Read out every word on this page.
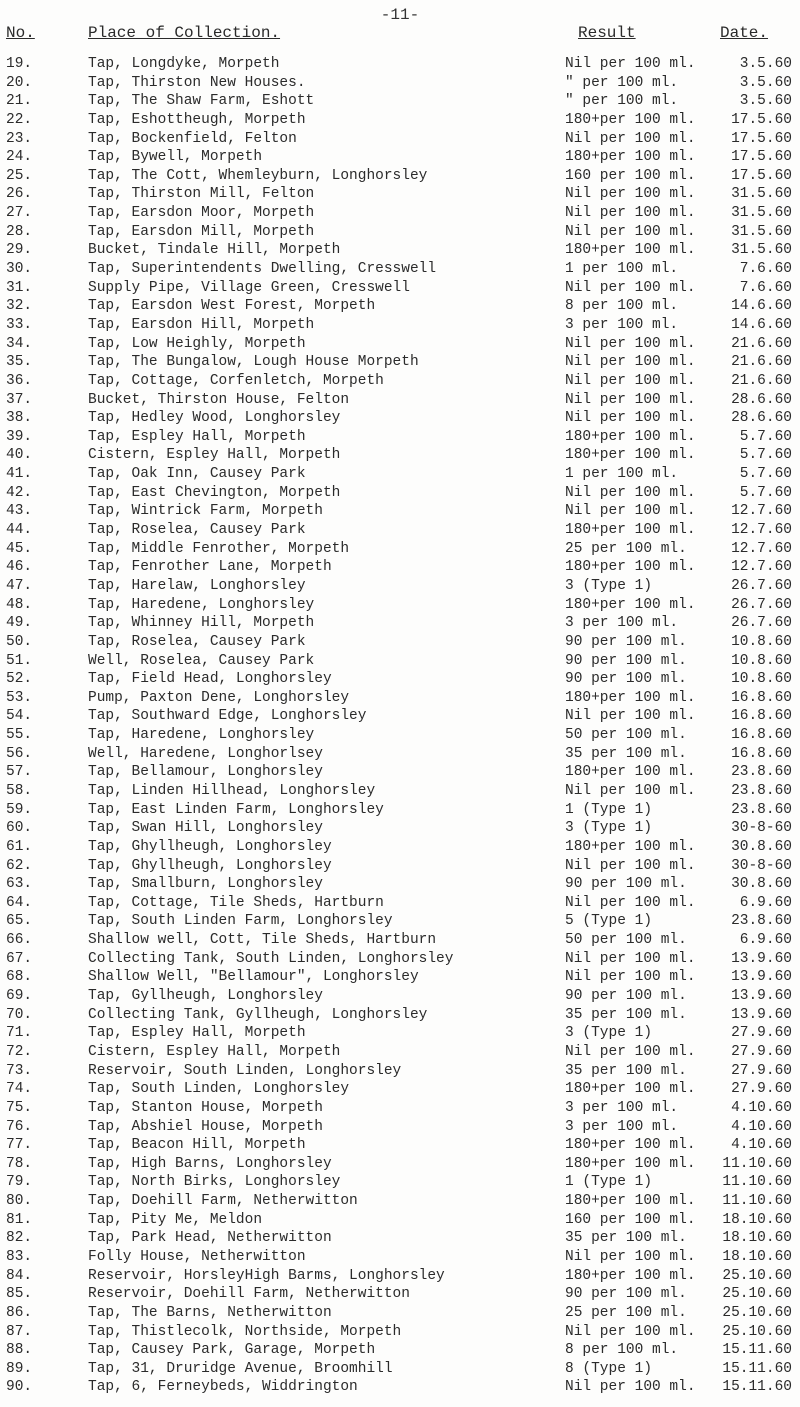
-11-
No.	Place of Collection.	Result	Date.
19.	Tap, Longdyke, Morpeth	Nil per 100 ml.	3.5.60
20.	Tap, Thirston New Houses.	" per 100 ml.	3.5.60
21.	Tap, The Shaw Farm, Eshott	" per 100 ml.	3.5.60
22.	Tap, Eshottheugh, Morpeth	180+per 100 ml.	17.5.60
23.	Tap, Bockenfield, Felton	Nil per 100 ml.	17.5.60
24.	Tap, Bywell, Morpeth	180+per 100 ml.	17.5.60
25.	Tap, The Cott, Whemleyburn, Longhorsley	160 per 100 ml.	17.5.60
26.	Tap, Thirston Mill, Felton	Nil per 100 ml.	31.5.60
27.	Tap, Earsdon Moor, Morpeth	Nil per 100 ml.	31.5.60
28.	Tap, Earsdon Mill, Morpeth	Nil per 100 ml.	31.5.60
29.	Bucket, Tindale Hill, Morpeth	180+per 100 ml.	31.5.60
30.	Tap, Superintendents Dwelling, Cresswell	1 per 100 ml.	7.6.60
31.	Supply Pipe, Village Green, Cresswell	Nil per 100 ml.	7.6.60
32.	Tap, Earsdon West Forest, Morpeth	8 per 100 ml.	14.6.60
33.	Tap, Earsdon Hill, Morpeth	3 per 100 ml.	14.6.60
34.	Tap, Low Heighly, Morpeth	Nil per 100 ml.	21.6.60
35.	Tap, The Bungalow, Lough House Morpeth	Nil per 100 ml.	21.6.60
36.	Tap, Cottage, Corfenletch, Morpeth	Nil per 100 ml.	21.6.60
37.	Bucket, Thirston House, Felton	Nil per 100 ml.	28.6.60
38.	Tap, Hedley Wood, Longhorsley	Nil per 100 ml.	28.6.60
39.	Tap, Espley Hall, Morpeth	180+per 100 ml.	5.7.60
40.	Cistern, Espley Hall, Morpeth	180+per 100 ml.	5.7.60
41.	Tap, Oak Inn, Causey Park	1 per 100 ml.	5.7.60
42.	Tap, East Chevington, Morpeth	Nil per 100 ml.	5.7.60
43.	Tap, Wintrick Farm, Morpeth	Nil per 100 ml.	12.7.60
44.	Tap, Roselea, Causey Park	180+per 100 ml.	12.7.60
45.	Tap, Middle Fenrother, Morpeth	25 per 100 ml.	12.7.60
46.	Tap, Fenrother Lane, Morpeth	180+per 100 ml.	12.7.60
47.	Tap, Harelaw, Longhorsley	3 (Type 1)	26.7.60
48.	Tap, Haredene, Longhorsley	180+per 100 ml.	26.7.60
49.	Tap, Whinney Hill, Morpeth	3 per 100 ml.	26.7.60
50.	Tap, Roselea, Causey Park	90 per 100 ml.	10.8.60
51.	Well, Roselea, Causey Park	90 per 100 ml.	10.8.60
52.	Tap, Field Head, Longhorsley	90 per 100 ml.	10.8.60
53.	Pump, Paxton Dene, Longhorsley	180+per 100 ml.	16.8.60
54.	Tap, Southward Edge, Longhorsley	Nil per 100 ml.	16.8.60
55.	Tap, Haredene, Longhorsley	50 per 100 ml.	16.8.60
56.	Well, Haredene, Longhorlsey	35 per 100 ml.	16.8.60
57.	Tap, Bellamour, Longhorsley	180+per 100 ml.	23.8.60
58.	Tap, Linden Hillhead, Longhorsley	Nil per 100 ml.	23.8.60
59.	Tap, East Linden Farm, Longhorsley	1 (Type 1)	23.8.60
60.	Tap, Swan Hill, Longhorsley	3 (Type 1)	30-8-60
61.	Tap, Ghyllheugh, Longhorsley	180+per 100 ml.	30.8.60
62.	Tap, Ghyllheugh, Longhorsley	Nil per 100 ml.	30-8-60
63.	Tap, Smallburn, Longhorsley	90 per 100 ml.	30.8.60
64.	Tap, Cottage, Tile Sheds, Hartburn	Nil per 100 ml.	6.9.60
65.	Tap, South Linden Farm, Longhorsley	5 (Type 1)	23.8.60
66.	Shallow well, Cott, Tile Sheds, Hartburn	50 per 100 ml.	6.9.60
67.	Collecting Tank, South Linden, Longhorsley	Nil per 100 ml.	13.9.60
68.	Shallow Well, "Bellamour", Longhorsley	Nil per 100 ml.	13.9.60
69.	Tap, Gyllheugh, Longhorsley	90 per 100 ml.	13.9.60
70.	Collecting Tank, Gyllheugh, Longhorsley	35 per 100 ml.	13.9.60
71.	Tap, Espley Hall, Morpeth	3 (Type 1)	27.9.60
72.	Cistern, Espley Hall, Morpeth	Nil per 100 ml.	27.9.60
73.	Reservoir, South Linden, Longhorsley	35 per 100 ml.	27.9.60
74.	Tap, South Linden, Longhorsley	180+per 100 ml.	27.9.60
75.	Tap, Stanton House, Morpeth	3 per 100 ml.	4.10.60
76.	Tap, Abshiel House, Morpeth	3 per 100 ml.	4.10.60
77.	Tap, Beacon Hill, Morpeth	180+per 100 ml.	4.10.60
78.	Tap, High Barns, Longhorsley	180+per 100 ml.	11.10.60
79.	Tap, North Birks, Longhorsley	1 (Type 1)	11.10.60
80.	Tap, Doehill Farm, Netherwitton	180+per 100 ml.	11.10.60
81.	Tap, Pity Me, Meldon	160 per 100 ml.	18.10.60
82.	Tap, Park Head, Netherwitton	35 per 100 ml.	18.10.60
83.	Folly House, Netherwitton	Nil per 100 ml.	18.10.60
84.	Reservoir, HorsleyHigh Barms, Longhorsley	180+per 100 ml.	25.10.60
85.	Reservoir, Doehill Farm, Netherwitton	90 per 100 ml.	25.10.60
86.	Tap, The Barns, Netherwitton	25 per 100 ml.	25.10.60
87.	Tap, Thistlecolk, Northside, Morpeth	Nil per 100 ml.	25.10.60
88.	Tap, Causey Park, Garage, Morpeth	8 per 100 ml.	15.11.60
89.	Tap, 31, Druridge Avenue, Broomhill	8 (Type 1)	15.11.60
90.	Tap, 6, Ferneybeds, Widdrington	Nil per 100 ml.	15.11.60
